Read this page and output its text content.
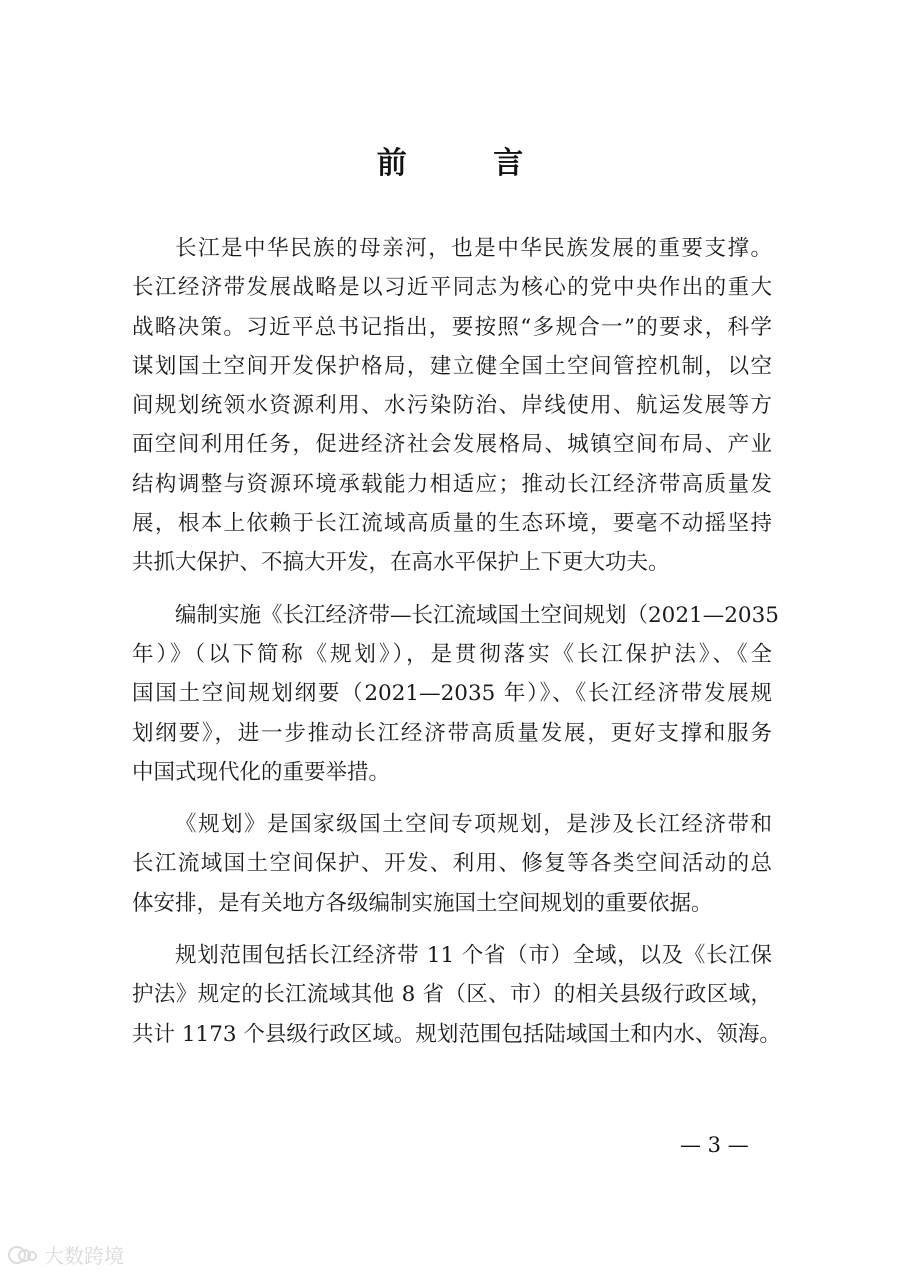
前 言

长江是中华民族的母亲河，也是中华民族发展的重要支撑。
长江经济带发展战略是以习近平同志为核心的党中央作出的重大
战略决策。习近平总书记指出，要按照“多规合一”的要求，科学
谋划国土空间开发保护格局，建立健全国土空间管控机制，以空
间规划统领水资源利用、水污染防治、岸线使用、航运发展等方
面空间利用任务，促进经济社会发展格局、城镇空间布局、产业
结构调整与资源环境承载能力相适应；推动长江经济带高质量发
展，根本上依赖于长江流域高质量的生态环境，要毫不动摇坚持
共抓大保护、不搞大开发，在高水平保护上下更大功夫。

编制实施《长江经济带—长江流域国土空间规划（2021—2035
年）》（以下简称《规划》），是贯彻落实《长江保护法》、《全
国国土空间规划纲要（2021—2035 年）》、《长江经济带发展规
划纲要》，进一步推动长江经济带高质量发展，更好支撑和服务
中国式现代化的重要举措。

《规划》是国家级国土空间专项规划，是涉及长江经济带和
长江流域国土空间保护、开发、利用、修复等各类空间活动的总
体安排，是有关地方各级编制实施国土空间规划的重要依据。

规划范围包括长江经济带 11 个省（市）全域，以及《长江保
护法》规定的长江流域其他 8 省（区、市）的相关县级行政区域，
共计 1173 个县级行政区域。规划范围包括陆域国土和内水、领海。

— 3 —
大数跨境
